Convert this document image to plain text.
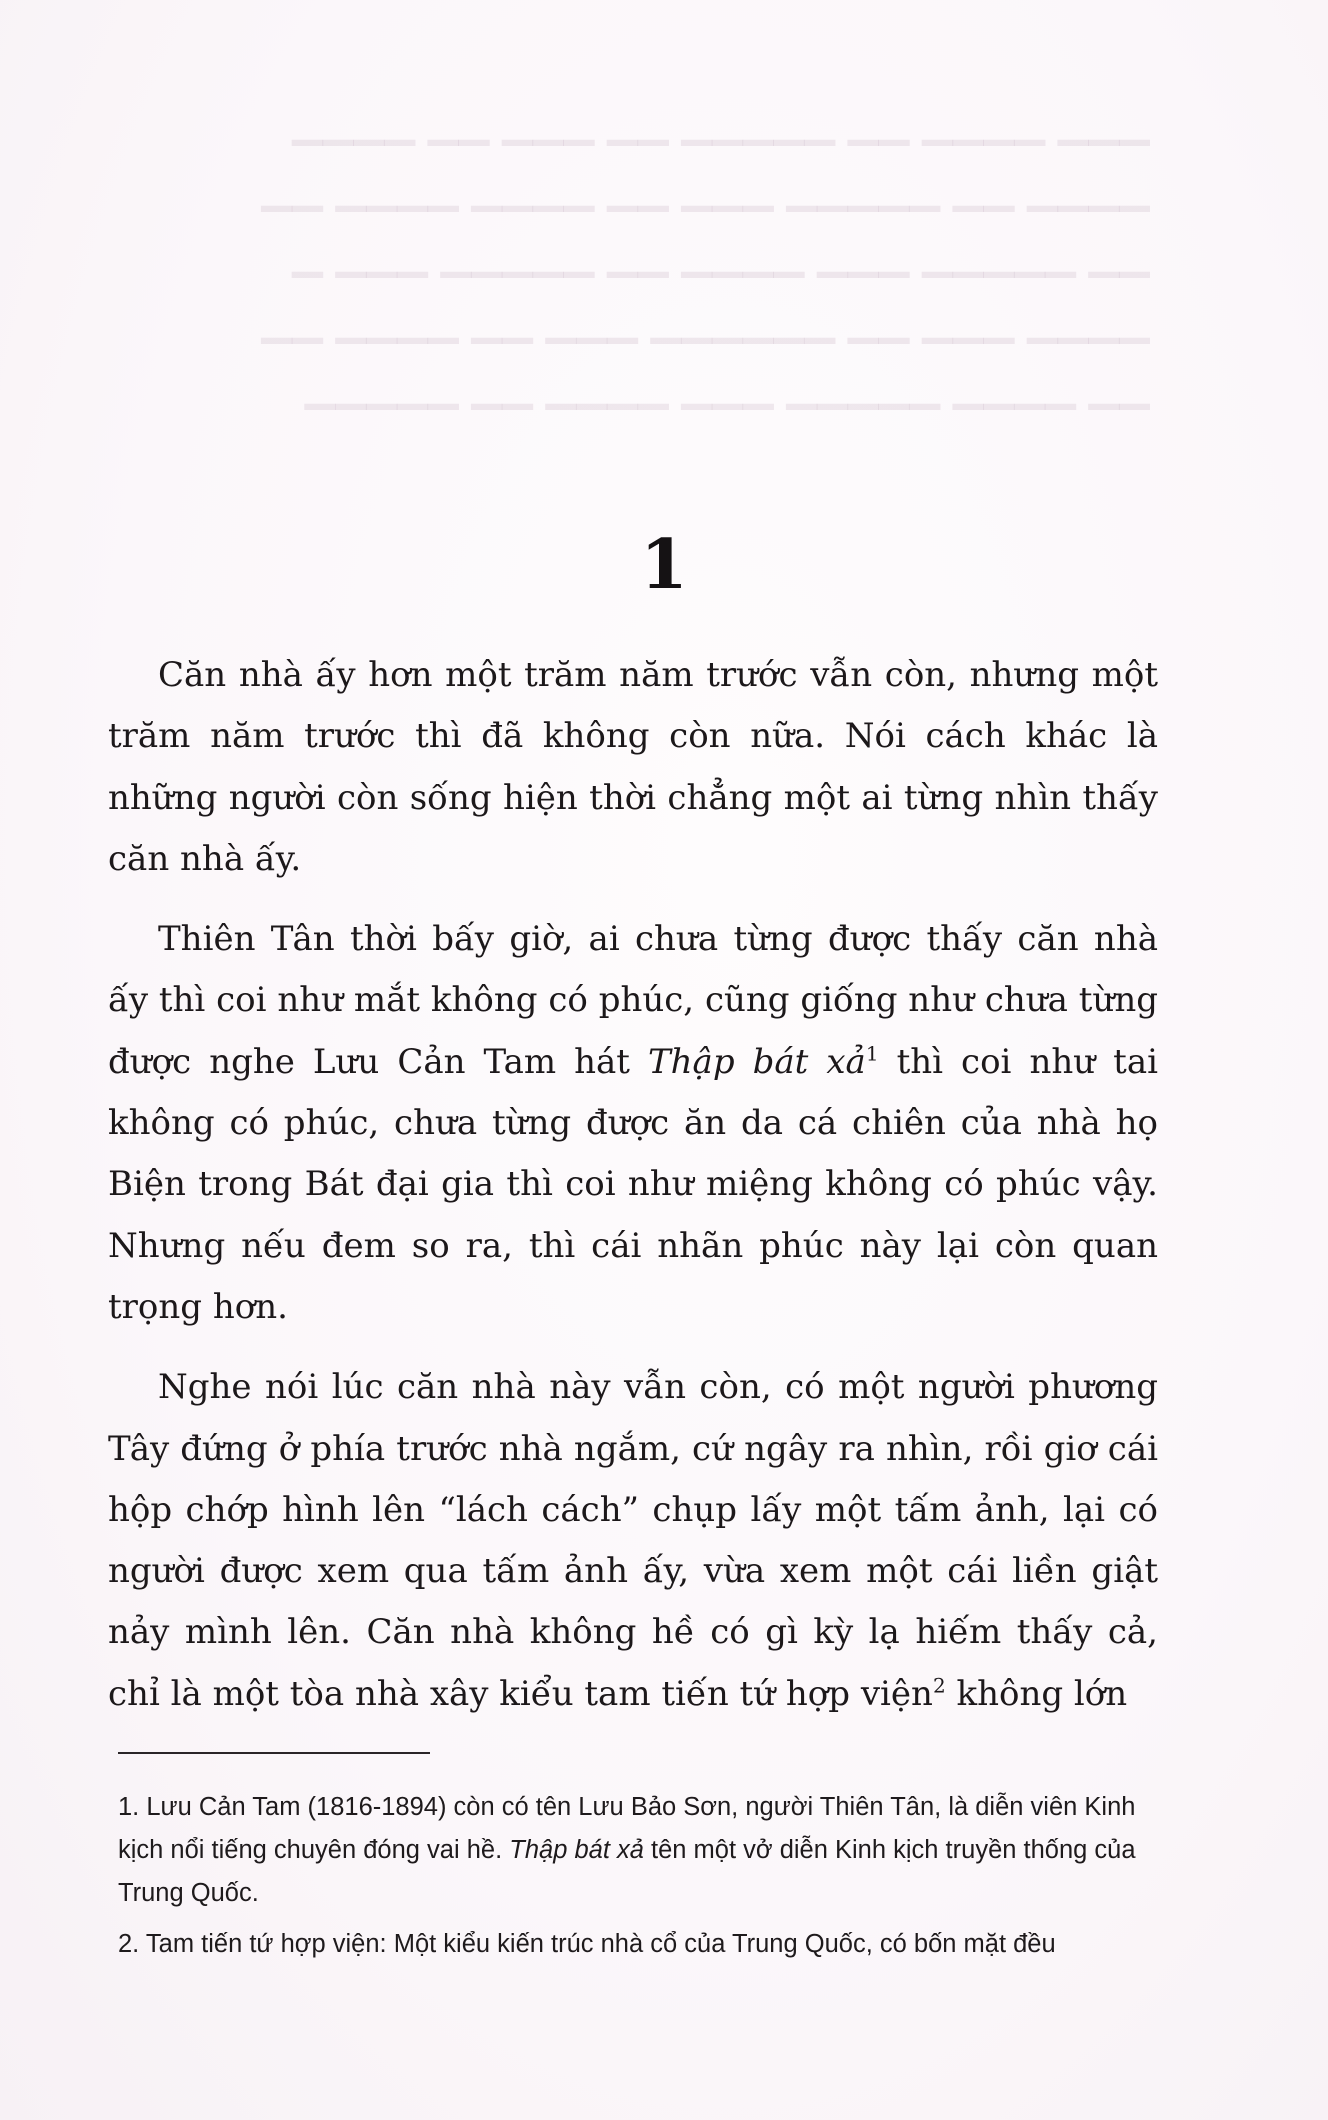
▁▁▁ ▁▁▁▁ ▁▁ ▁▁▁▁▁ ▁▁ ▁▁▁ ▁▁ ▁▁▁▁
▁▁▁▁ ▁▁ ▁▁▁▁▁ ▁▁▁ ▁▁ ▁▁▁▁ ▁▁▁▁ ▁▁
▁▁ ▁▁▁▁▁ ▁▁▁ ▁▁▁▁ ▁▁ ▁▁▁▁▁ ▁▁▁ ▁
▁▁▁▁ ▁▁▁ ▁▁ ▁▁▁▁▁▁ ▁▁▁ ▁▁ ▁▁▁▁ ▁▁
▁▁ ▁▁▁▁ ▁▁▁▁▁ ▁▁▁ ▁▁▁▁ ▁▁ ▁▁▁▁▁
1

Căn nhà ấy hơn một trăm năm trước vẫn còn, nhưng một trăm năm trước thì đã không còn nữa. Nói cách khác là những người còn sống hiện thời chẳng một ai từng nhìn thấy căn nhà ấy.

Thiên Tân thời bấy giờ, ai chưa từng được thấy căn nhà ấy thì coi như mắt không có phúc, cũng giống như chưa từng được nghe Lưu Cản Tam hát Thập bát xả$^1$ thì coi như tai không có phúc, chưa từng được ăn da cá chiên của nhà họ Biện trong Bát đại gia thì coi như miệng không có phúc vậy. Nhưng nếu đem so ra, thì cái nhãn phúc này lại còn quan trọng hơn.

Nghe nói lúc căn nhà này vẫn còn, có một người phương Tây đứng ở phía trước nhà ngắm, cứ ngây ra nhìn, rồi giơ cái hộp chớp hình lên “lách cách” chụp lấy một tấm ảnh, lại có người được xem qua tấm ảnh ấy, vừa xem một cái liền giật nảy mình lên. Căn nhà không hề có gì kỳ lạ hiếm thấy cả, chỉ là một tòa nhà xây kiểu tam tiến tứ hợp viện$^2$ không lớn

1. Lưu Cản Tam (1816-1894) còn có tên Lưu Bảo Sơn, người Thiên Tân, là diễn viên Kinh kịch nổi tiếng chuyên đóng vai hề. Thập bát xả tên một vở diễn Kinh kịch truyền thống của Trung Quốc.

2. Tam tiến tứ hợp viện: Một kiểu kiến trúc nhà cổ của Trung Quốc, có bốn mặt đều
